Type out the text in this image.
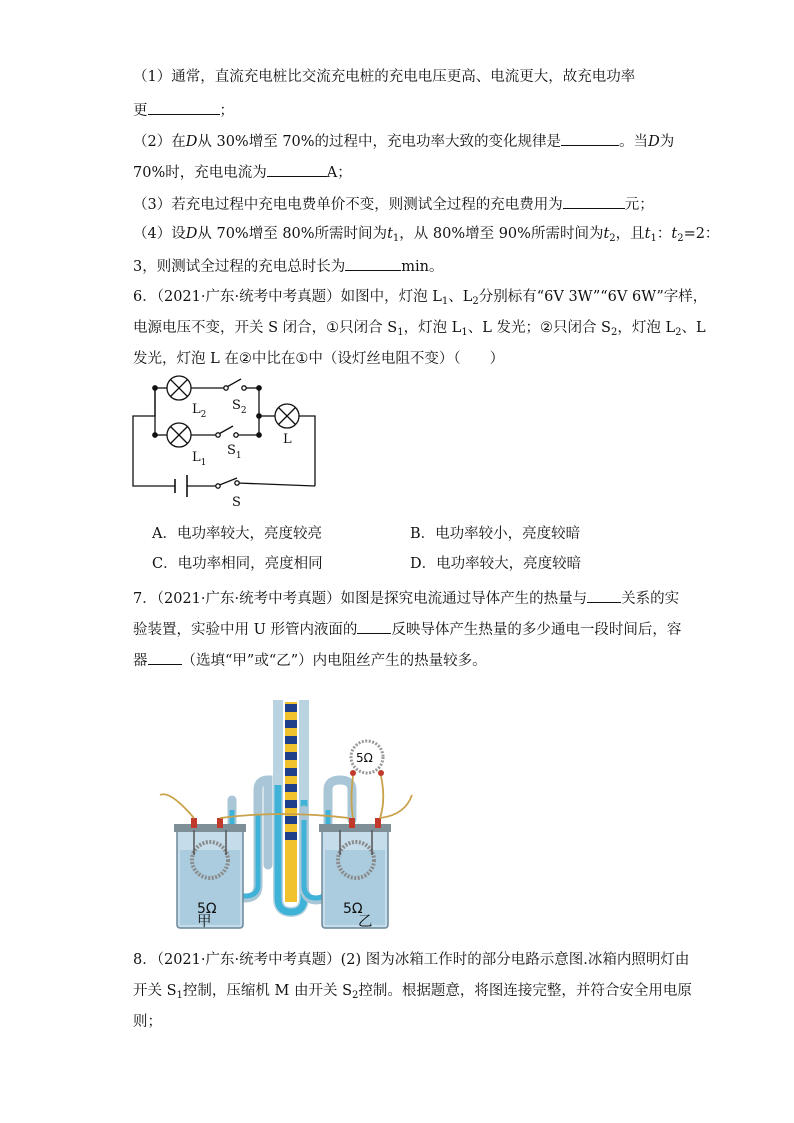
（1）通常，直流充电桩比交流充电桩的充电电压更高、电流更大，故充电功率
更	；
（2）在D从 30%增至 70%的过程中，充电功率大致的变化规律是	。当D为
70%时，充电电流为	A；
（3）若充电过程中充电电费单价不变，则测试全过程的充电费用为	元；
（4）设D从 70%增至 80%所需时间为$t_1$，从 80%增至 90%所需时间为$t_2$，且$t_1$：$t_2=2$：
3，则测试全过程的充电总时长为	min。
6．（2021·广东·统考中考真题）如图中，灯泡 $L_1$、$L_2$分别标有“6V 3W”“6V 6W”字样，
电源电压不变，开关 S 闭合，①只闭合 $S_1$，灯泡 $L_1$、L 发光；②只闭合 $S_2$，灯泡 $L_2$、L
发光，灯泡 L 在②中比在①中（设灯丝电阻不变）（　　）
$L_2$
$S_2$
$L_1$
$S_1$
L
S
A．电功率较大，亮度较亮	B．电功率较小，亮度较暗
C．电功率相同，亮度相同	D．电功率较大，亮度较暗
7．（2021·广东·统考中考真题）如图是探究电流通过导体产生的热量与 关系的实
验装置，实验中用 U 形管内液面的 反映导体产生热量的多少通电一段时间后，容
器 （选填“甲”或“乙”）内电阻丝产生的热量较多。
5Ω	5Ω
5Ω
甲	乙
8．（2021·广东·统考中考真题）(2) 图为冰箱工作时的部分电路示意图.冰箱内照明灯由
开关 $S_1$控制，压缩机 M 由开关 $S_2$控制。根据题意，将图连接完整，并符合安全用电原
则；
